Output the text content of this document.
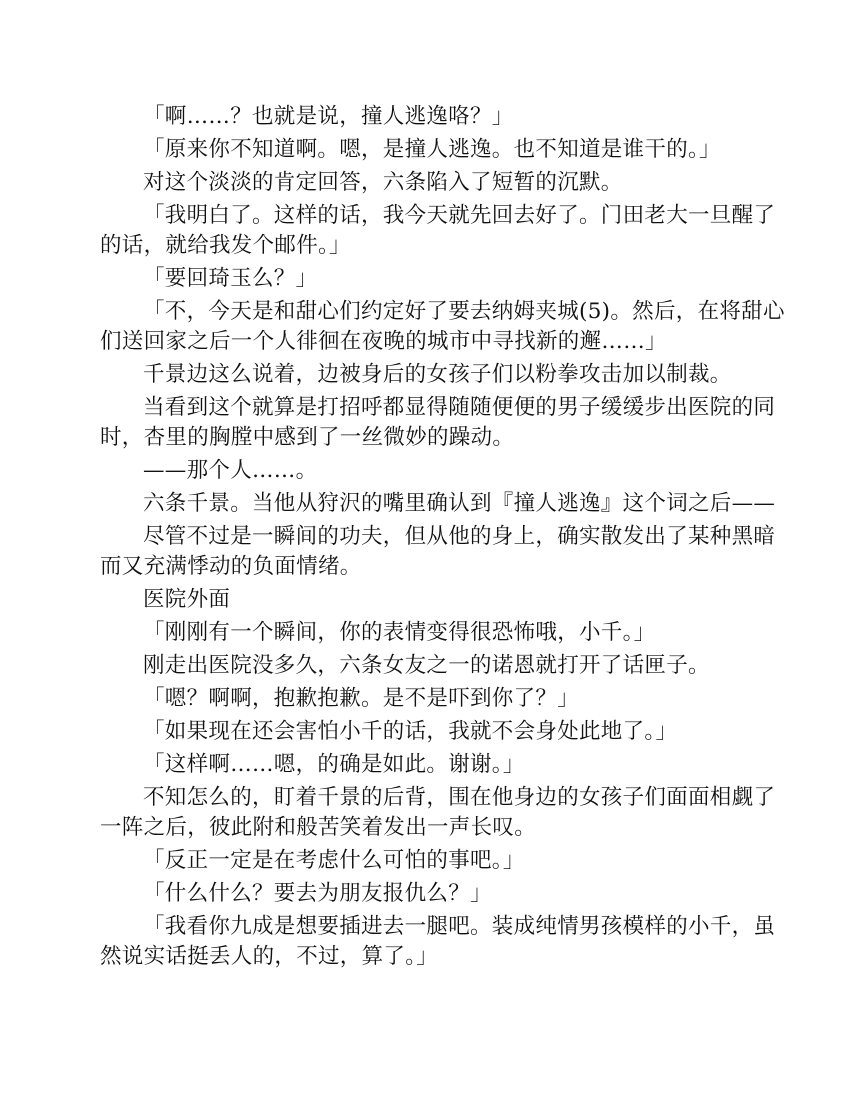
「啊……？也就是说，撞人逃逸咯？」

「原来你不知道啊。嗯，是撞人逃逸。也不知道是谁干的。」

对这个淡淡的肯定回答，六条陷入了短暂的沉默。

「我明白了。这样的话，我今天就先回去好了。门田老大一旦醒了
的话，就给我发个邮件。」

「要回琦玉么？」

「不，今天是和甜心们约定好了要去纳姆夹城(5)。然后，在将甜心
们送回家之后一个人徘徊在夜晚的城市中寻找新的邂……」

千景边这么说着，边被身后的女孩子们以粉拳攻击加以制裁。

当看到这个就算是打招呼都显得随随便便的男子缓缓步出医院的同
时，杏里的胸膛中感到了一丝微妙的躁动。

——那个人……。

六条千景。当他从狩沢的嘴里确认到『撞人逃逸』这个词之后——

尽管不过是一瞬间的功夫，但从他的身上，确实散发出了某种黑暗
而又充满悸动的负面情绪。

医院外面

「刚刚有一个瞬间，你的表情变得很恐怖哦，小千。」

刚走出医院没多久，六条女友之一的诺恩就打开了话匣子。

「嗯？啊啊，抱歉抱歉。是不是吓到你了？」

「如果现在还会害怕小千的话，我就不会身处此地了。」

「这样啊……嗯，的确是如此。谢谢。」

不知怎么的，盯着千景的后背，围在他身边的女孩子们面面相觑了
一阵之后，彼此附和般苦笑着发出一声长叹。

「反正一定是在考虑什么可怕的事吧。」

「什么什么？要去为朋友报仇么？」

「我看你九成是想要插进去一腿吧。装成纯情男孩模样的小千，虽
然说实话挺丢人的，不过，算了。」
